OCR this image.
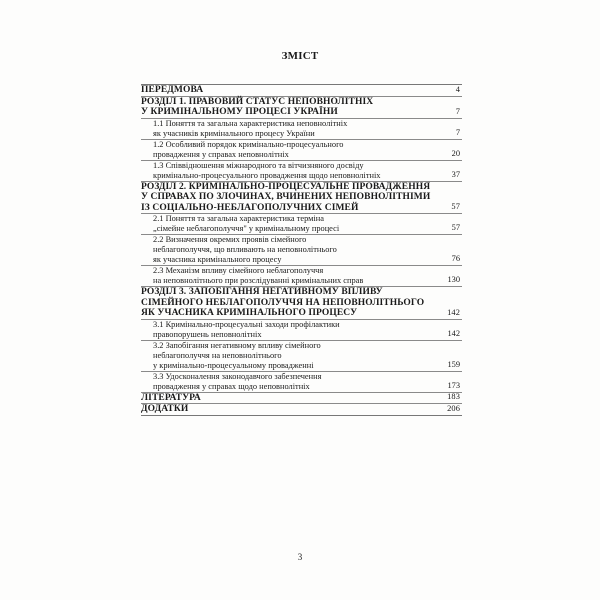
ЗМІСТ
ПЕРЕДМОВА	4
РОЗДІЛ 1. ПРАВОВИЙ СТАТУС НЕПОВНОЛІТНІХ
У КРИМІНАЛЬНОМУ ПРОЦЕСІ УКРАЇНИ	7
1.1 Поняття та загальна характеристика неповнолітніх
як учасників кримінального процесу України	7
1.2 Особливий порядок кримінально-процесуального
провадження у справах неповнолітніх	20
1.3 Співвідношення міжнародного та вітчизняного досвіду
кримінально-процесуального провадження щодо неповнолітніх	37
РОЗДІЛ 2. КРИМІНАЛЬНО-ПРОЦЕСУАЛЬНЕ ПРОВАДЖЕННЯ
У СПРАВАХ ПО ЗЛОЧИНАХ, ВЧИНЕНИХ НЕПОВНОЛІТНІМИ
ІЗ СОЦІАЛЬНО-НЕБЛАГОПОЛУЧНИХ СІМЕЙ	57
2.1 Поняття та загальна характеристика терміна
„сімейне неблагополуччя" у кримінальному процесі	57
2.2 Визначення окремих проявів сімейного
неблагополуччя, що впливають на неповнолітнього
як учасника кримінального процесу	76
2.3 Механізм впливу сімейного неблагополуччя
на неповнолітнього при розслідуванні кримінальних справ	130
РОЗДІЛ 3. ЗАПОБІГАННЯ НЕГАТИВНОМУ ВПЛИВУ
СІМЕЙНОГО НЕБЛАГОПОЛУЧЧЯ НА НЕПОВНОЛІТНЬОГО
ЯК УЧАСНИКА КРИМІНАЛЬНОГО ПРОЦЕСУ	142
3.1 Кримінально-процесуальні заходи профілактики
правопорушень неповнолітніх	142
3.2 Запобігання негативному впливу сімейного
неблагополуччя на неповнолітнього
у кримінально-процесуальному провадженні	159
3.3 Удосконалення законодавчого забезпечення
провадження у справах щодо неповнолітніх	173
ЛІТЕРАТУРА	183
ДОДАТКИ	206
3
